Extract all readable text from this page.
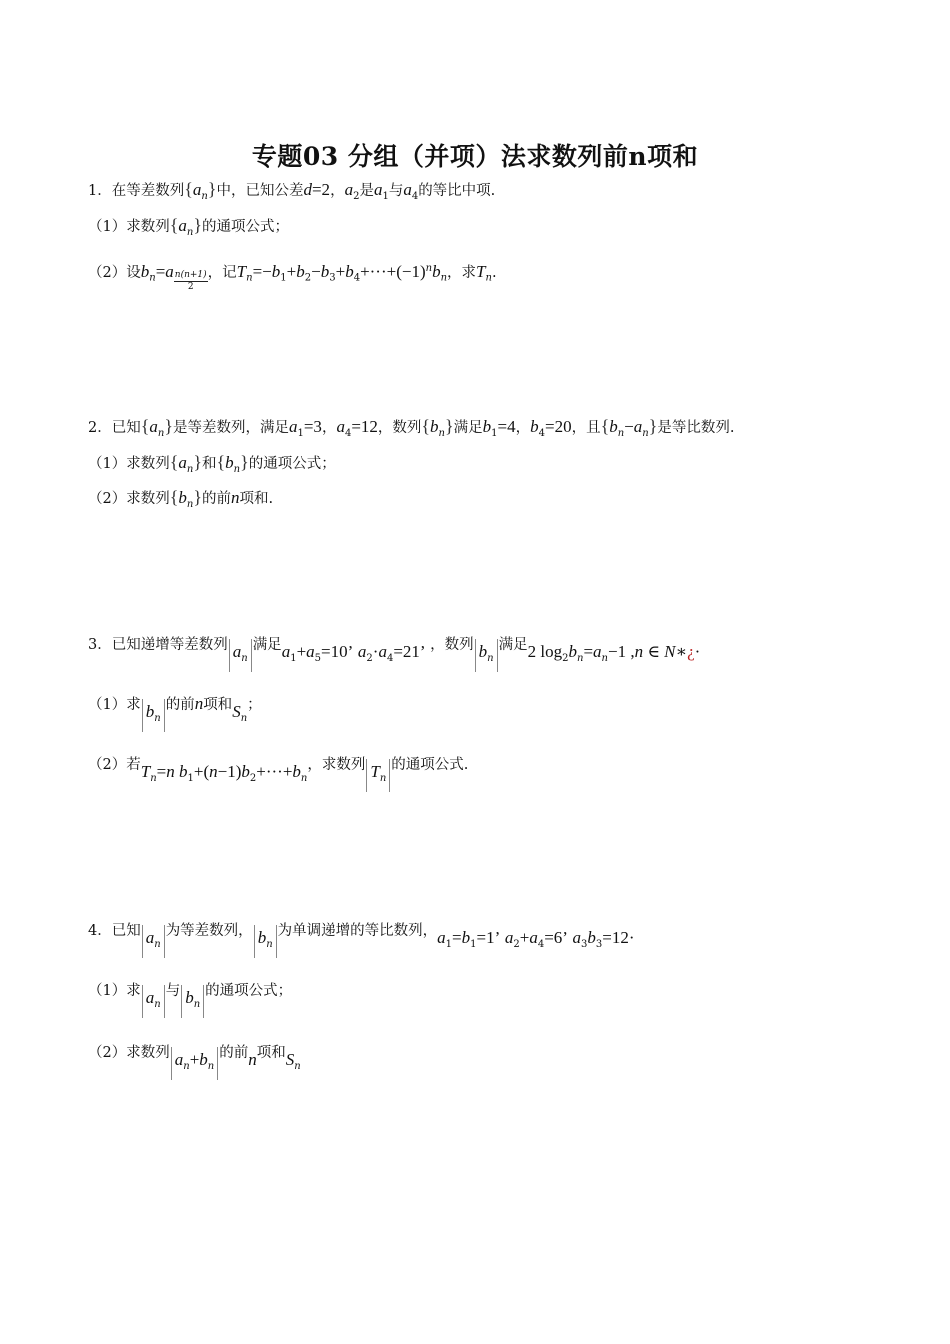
专题03 分组（并项）法求数列前n项和
1．在等差数列$\{a_n\}$中，已知公差d=2，$a_2$是$a_1$与$a_4$的等比中项.
（1）求数列$\{a_n\}$的通项公式；
（2）设$b_n=a \frac{n(n+1)}{2}$ ，记$T_n=-b_1+b_2-b_3+b_4+\cdot\cdot\cdot+(-1)^nb_n$，求$T_n$.
2．已知$\{a_n\}$是等差数列，满足$a_1=3$，$a_4=12$，数列$\{b_n\}$满足$b_1=4$，$b_4=20$，且$\{b_n-a_n\}$是等比数列.
（1）求数列$\{a_n\}$和$\{b_n\}$的通项公式；
（2）求数列$\{b_n\}$的前n项和.
3．已知递增等差数列 $a_n$满足$a_1+a_5=10$’ $a_2\cdot a_4=21$’ ，数列 $b_n$满足2 $\log_2b_n=a_n-1$ ,n ∈ N∗¿·
（1）求 $b_n$的前n项和$S_n$；
（2）若$T_n=n$ $b_1+(n-1)b_2+\cdot\cdot\cdot+b_n$，求数列 $T_n$的通项公式.
4．已知 $a_n$为等差数列， $b_n$为单调递增的等比数列，$a_1=b_1=1$’ $a_2+a_4=6$’ $a_3b_3=12\cdot$
（1）求 $a_n$与 $b_n$的通项公式；
（2）求数列 $a_n+b_n$的前n项和$S_n$
